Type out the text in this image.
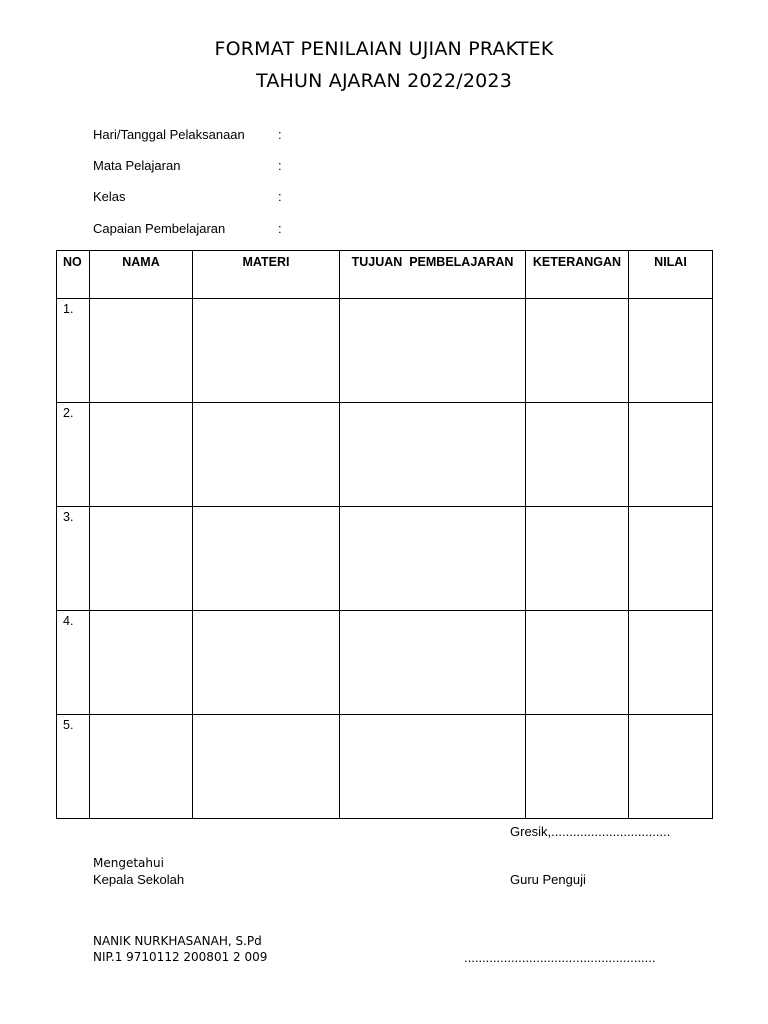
FORMAT PENILAIAN UJIAN PRAKTEK
TAHUN AJARAN 2022/2023
Hari/Tanggal Pelaksanaan	:
Mata Pelajaran	:
Kelas	:
Capaian Pembelajaran	:
NO	NAMA	MATERI	TUJUAN  PEMBELAJARAN	KETERANGAN	NILAI
1.					
2.					
3.					
4.					
5.					
Gresik,.................................
Mengetahui
Kepala Sekolah	Guru Penguji
NANIK NURKHASANAH, S.Pd
NIP.1 9710112 200801 2 009	.....................................................
